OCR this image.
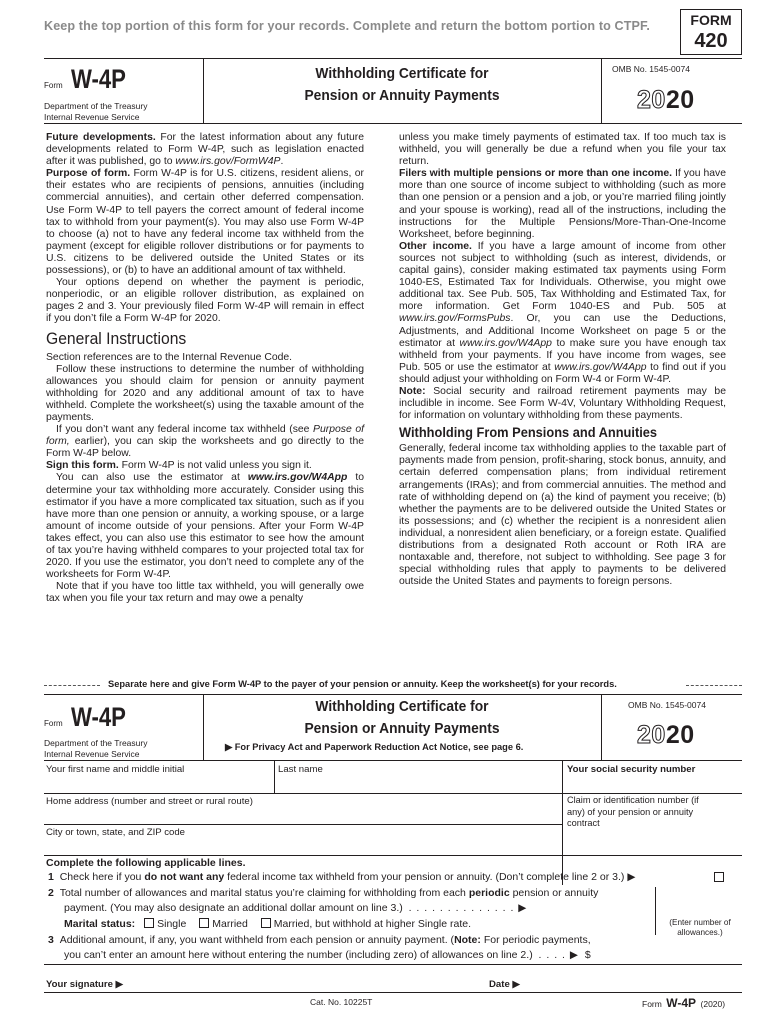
Keep the top portion of this form for your records. Complete and return the bottom portion to CTPF.	FORM
420
Form W-4P
Department of the Treasury
Internal Revenue Service
Withholding Certificate for
Pension or Annuity Payments
OMB No. 1545-0074
2020

Future developments. For the latest information about any future developments related to Form W-4P, such as legislation enacted after it was published, go to www.irs.gov/FormW4P.

Purpose of form. Form W-4P is for U.S. citizens, resident aliens, or their estates who are recipients of pensions, annuities (including commercial annuities), and certain other deferred compensation. Use Form W-4P to tell payers the correct amount of federal income tax to withhold from your payment(s). You may also use Form W-4P to choose (a) not to have any federal income tax withheld from the payment (except for eligible rollover distributions or for payments to U.S. citizens to be delivered outside the United States or its possessions), or (b) to have an additional amount of tax withheld.

Your options depend on whether the payment is periodic, nonperiodic, or an eligible rollover distribution, as explained on pages 2 and 3. Your previously filed Form W-4P will remain in effect if you don’t file a Form W-4P for 2020.

General Instructions

Section references are to the Internal Revenue Code.

Follow these instructions to determine the number of withholding allowances you should claim for pension or annuity payment withholding for 2020 and any additional amount of tax to have withheld. Complete the worksheet(s) using the taxable amount of the payments.

If you don’t want any federal income tax withheld (see Purpose of form, earlier), you can skip the worksheets and go directly to the Form W-4P below.

Sign this form. Form W-4P is not valid unless you sign it.

You can also use the estimator at www.irs.gov/W4App to determine your tax withholding more accurately. Consider using this estimator if you have a more complicated tax situation, such as if you have more than one pension or annuity, a working spouse, or a large amount of income outside of your pensions. After your Form W-4P takes effect, you can also use this estimator to see how the amount of tax you’re having withheld compares to your projected total tax for 2020. If you use the estimator, you don’t need to complete any of the worksheets for Form W-4P.

Note that if you have too little tax withheld, you will generally owe tax when you file your tax return and may owe a penalty

unless you make timely payments of estimated tax. If too much tax is withheld, you will generally be due a refund when you file your tax return.

Filers with multiple pensions or more than one income. If you have more than one source of income subject to withholding (such as more than one pension or a pension and a job, or you’re married filing jointly and your spouse is working), read all of the instructions, including the instructions for the Multiple Pensions/More-Than-One-Income Worksheet, before beginning.

Other income. If you have a large amount of income from other sources not subject to withholding (such as interest, dividends, or capital gains), consider making estimated tax payments using Form 1040-ES, Estimated Tax for Individuals. Otherwise, you might owe additional tax. See Pub. 505, Tax Withholding and Estimated Tax, for more information. Get Form 1040-ES and Pub. 505 at www.irs.gov/FormsPubs. Or, you can use the Deductions, Adjustments, and Additional Income Worksheet on page 5 or the estimator at www.irs.gov/W4App to make sure you have enough tax withheld from your payments. If you have income from wages, see Pub. 505 or use the estimator at www.irs.gov/W4App to find out if you should adjust your withholding on Form W-4 or Form W-4P.

Note: Social security and railroad retirement payments may be includible in income. See Form W-4V, Voluntary Withholding Request, for information on voluntary withholding from these payments.

Withholding From Pensions and Annuities

Generally, federal income tax withholding applies to the taxable part of payments made from pension, profit-sharing, stock bonus, annuity, and certain deferred compensation plans; from individual retirement arrangements (IRAs); and from commercial annuities. The method and rate of withholding depend on (a) the kind of payment you receive; (b) whether the payments are to be delivered outside the United States or its possessions; and (c) whether the recipient is a nonresident alien individual, a nonresident alien beneficiary, or a foreign estate. Qualified distributions from a designated Roth account or Roth IRA are nontaxable and, therefore, not subject to withholding. See page 3 for special withholding rules that apply to payments to be delivered outside the United States and payments to foreign persons.

Separate here and give Form W-4P to the payer of your pension or annuity. Keep the worksheet(s) for your records.
Form W-4P
Department of the Treasury
Internal Revenue Service
Withholding Certificate for
Pension or Annuity Payments
▶ For Privacy Act and Paperwork Reduction Act Notice, see page 6.
OMB No. 1545-0074
2020
Your first name and middle initial	Last name	Your social security number
Home address (number and street or rural route)	Claim or identification number (if any) of your pension or annuity contract
City or town, state, and ZIP code
Complete the following applicable lines.
1 Check here if you do not want any federal income tax withheld from your pension or annuity. (Don’t complete line 2 or 3.) ▶
2 Total number of allowances and marital status you’re claiming for withholding from each periodic pension or annuity
payment. (You may also designate an additional dollar amount on line 3.) . . . . . . . . . . . . . . ▶
Marital status: Single Married Married, but withhold at higher Single rate.	(Enter number of allowances.)
3 Additional amount, if any, you want withheld from each pension or annuity payment. (Note: For periodic payments,
you can’t enter an amount here without entering the number (including zero) of allowances on line 2.) . . . . ▶ $
Your signature ▶	Date ▶
Cat. No. 10225T	Form W-4P (2020)
